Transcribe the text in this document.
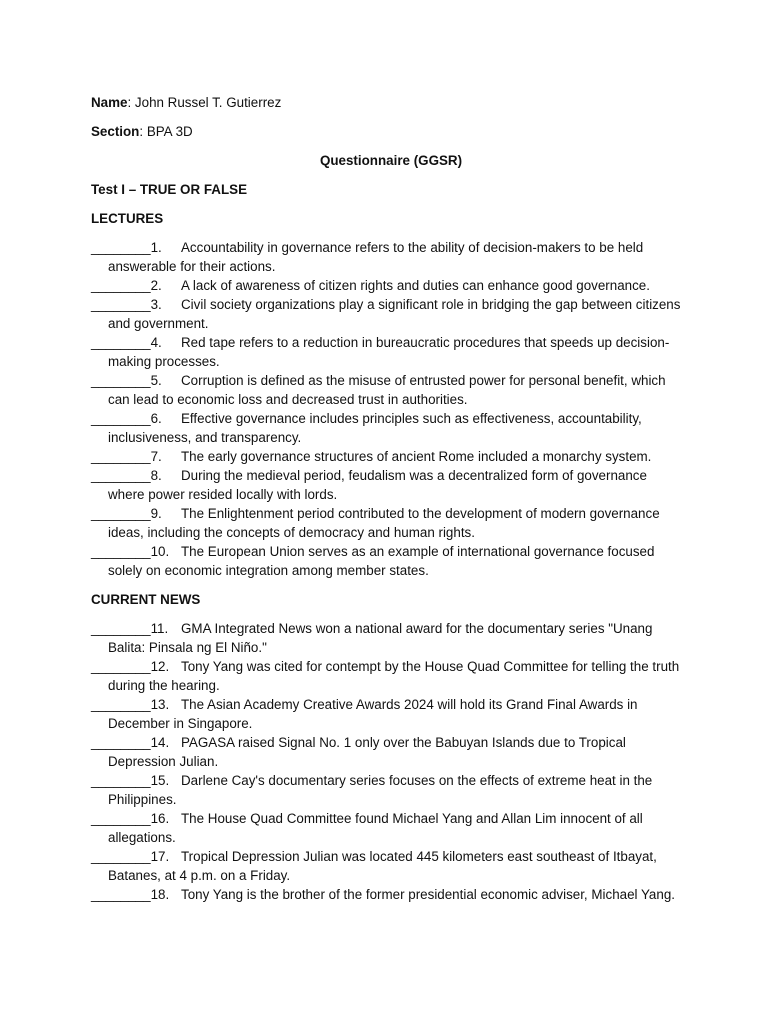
Name: John Russel T. Gutierrez

Section: BPA 3D

Questionnaire (GGSR)

Test I – TRUE OR FALSE

LECTURES

________1. Accountability in governance refers to the ability of decision-makers to be held answerable for their actions.

________2. A lack of awareness of citizen rights and duties can enhance good governance.

________3. Civil society organizations play a significant role in bridging the gap between citizens and government.

________4. Red tape refers to a reduction in bureaucratic procedures that speeds up decision-making processes.

________5. Corruption is defined as the misuse of entrusted power for personal benefit, which can lead to economic loss and decreased trust in authorities.

________6. Effective governance includes principles such as effectiveness, accountability, inclusiveness, and transparency.

________7. The early governance structures of ancient Rome included a monarchy system.

________8. During the medieval period, feudalism was a decentralized form of governance where power resided locally with lords.

________9. The Enlightenment period contributed to the development of modern governance ideas, including the concepts of democracy and human rights.

________10. The European Union serves as an example of international governance focused solely on economic integration among member states.

CURRENT NEWS

________11. GMA Integrated News won a national award for the documentary series "Unang Balita: Pinsala ng El Niño."

________12. Tony Yang was cited for contempt by the House Quad Committee for telling the truth during the hearing.

________13. The Asian Academy Creative Awards 2024 will hold its Grand Final Awards in December in Singapore.

________14. PAGASA raised Signal No. 1 only over the Babuyan Islands due to Tropical Depression Julian.

________15. Darlene Cay's documentary series focuses on the effects of extreme heat in the Philippines.

________16. The House Quad Committee found Michael Yang and Allan Lim innocent of all allegations.

________17. Tropical Depression Julian was located 445 kilometers east southeast of Itbayat, Batanes, at 4 p.m. on a Friday.

________18. Tony Yang is the brother of the former presidential economic adviser, Michael Yang.
